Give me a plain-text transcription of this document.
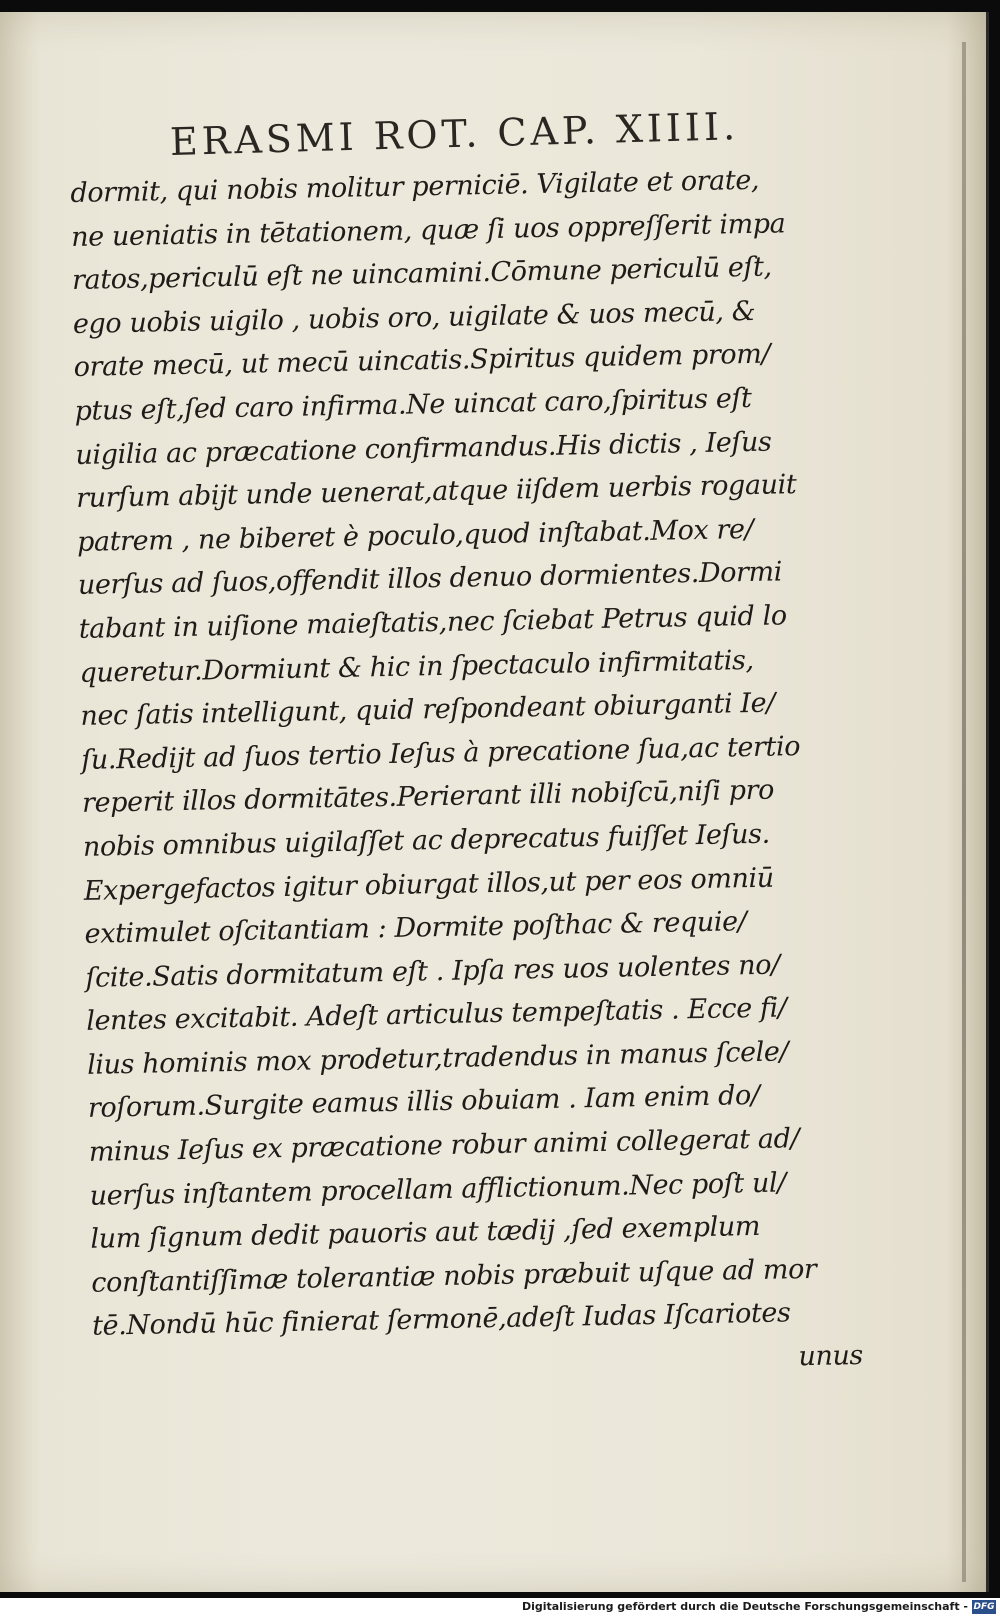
ERASMI ROT. CAP. XIIII.
dormit, qui nobis molitur perniciē. Vigilate et orate,
ne ueniatis in tētationem, quæ ſi uos oppreſſerit impa
ratos,periculū eſt ne uincamini.Cōmune periculū eſt,
ego uobis uigilo , uobis oro, uigilate & uos mecū, &
orate mecū, ut mecū uincatis.Spiritus quidem prom/
ptus eſt,ſed caro infirma.Ne uincat caro,ſpiritus eſt
uigilia ac præcatione confirmandus.His dictis , Ieſus
rurſum abijt unde uenerat,atque iiſdem uerbis rogauit
patrem , ne biberet è poculo,quod inſtabat.Mox re/
uerſus ad ſuos,offendit illos denuo dormientes.Dormi
tabant in uiſione maieſtatis,nec ſciebat Petrus quid lo
queretur.Dormiunt & hic in ſpectaculo infirmitatis,
nec ſatis intelligunt, quid reſpondeant obiurganti Ie/
ſu.Redijt ad ſuos tertio Ieſus à precatione ſua,ac tertio
reperit illos dormitātes.Perierant illi nobiſcū,niſi pro
nobis omnibus uigilaſſet ac deprecatus fuiſſet Ieſus.
Expergefactos igitur obiurgat illos,ut per eos omniū
extimulet oſcitantiam : Dormite poſthac & requie/
ſcite.Satis dormitatum eſt . Ipſa res uos uolentes no/
lentes excitabit. Adeſt articulus tempeſtatis . Ecce fi/
lius hominis mox prodetur,tradendus in manus ſcele/
roſorum.Surgite eamus illis obuiam . Iam enim do/
minus Ieſus ex præcatione robur animi collegerat ad/
uerſus inſtantem procellam afflictionum.Nec poſt ul/
lum ſignum dedit pauoris aut tædij ,ſed exemplum
conſtantiſſimæ tolerantiæ nobis præbuit uſque ad mor
tē.Nondū hūc finierat ſermonē,adeſt Iudas Iſcariotes
unus
Digitalisierung gefördert durch die Deutsche Forschungsgemeinschaft - DFG
